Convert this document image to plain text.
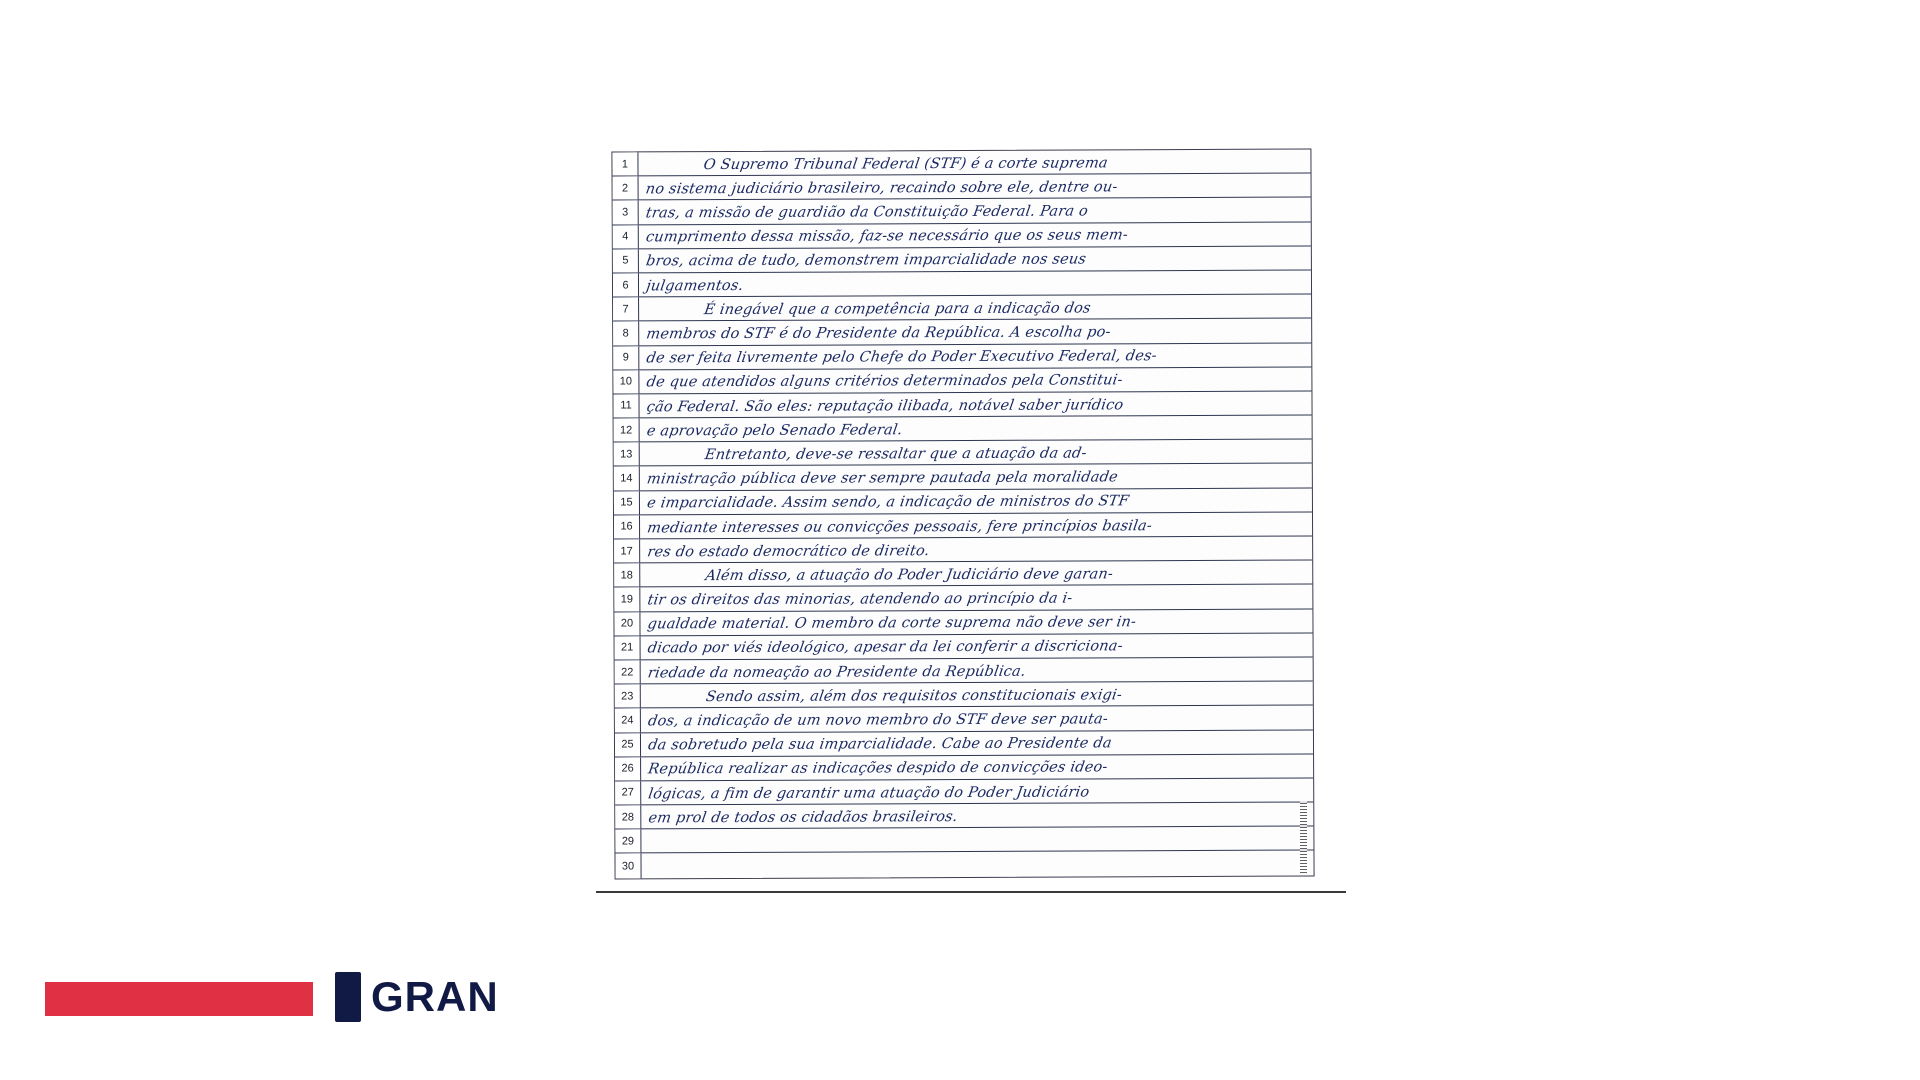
1	O Supremo Tribunal Federal (STF) é a corte suprema
2	no sistema judiciário brasileiro, recaindo sobre ele, dentre ou-
3	tras, a missão de guardião da Constituição Federal. Para o
4	cumprimento dessa missão, faz-se necessário que os seus mem-
5	bros, acima de tudo, demonstrem imparcialidade nos seus
6	julgamentos.
7	É inegável que a competência para a indicação dos
8	membros do STF é do Presidente da República. A escolha po-
9	de ser feita livremente pelo Chefe do Poder Executivo Federal, des-
10 de que atendidos alguns critérios determinados pela Constitui-
11 ção Federal. São eles: reputação ilibada, notável saber jurídico
12 e aprovação pelo Senado Federal.
13	Entretanto, deve-se ressaltar que a atuação da ad-
14 ministração pública deve ser sempre pautada pela moralidade
15 e imparcialidade. Assim sendo, a indicação de ministros do STF
16 mediante interesses ou convicções pessoais, fere princípios basila-
17 res do estado democrático de direito.
18	Além disso, a atuação do Poder Judiciário deve garan-
19 tir os direitos das minorias, atendendo ao princípio da i-
20 gualdade material. O membro da corte suprema não deve ser in-
21 dicado por viés ideológico, apesar da lei conferir a discriciona-
22 riedade da nomeação ao Presidente da República.
23	Sendo assim, além dos requisitos constitucionais exigi-
24 dos, a indicação de um novo membro do STF deve ser pauta-
25 da sobretudo pela sua imparcialidade. Cabe ao Presidente da
26 República realizar as indicações despido de convicções ideo-
27 lógicas, a fim de garantir uma atuação do Poder Judiciário
28 em prol de todos os cidadãos brasileiros.
29
30
GRAN
